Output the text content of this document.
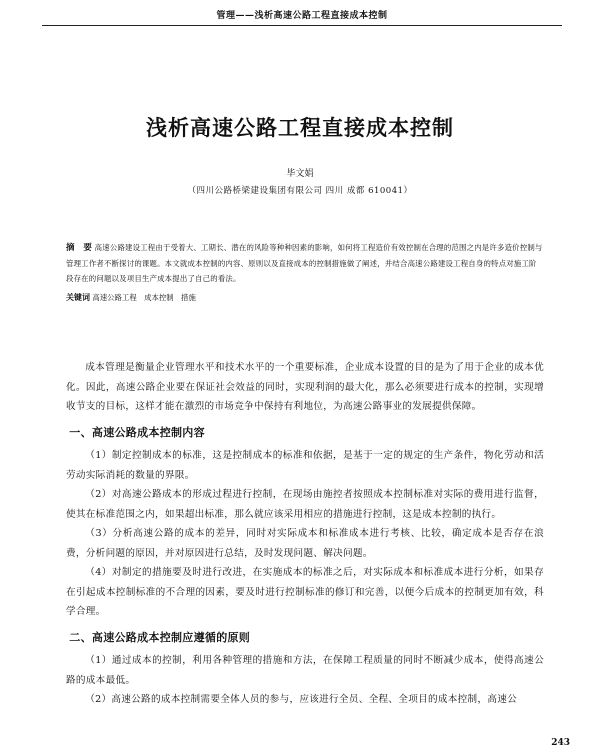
管理——浅析高速公路工程直接成本控制
浅析高速公路工程直接成本控制
毕文娟
（四川公路桥梁建设集团有限公司 四川 成都 610041）
摘　要 高速公路建设工程由于受着大、工期长、潜在的风险等种种因素的影响，如何将工程造价有效控制在合理的范围之内是许多造价控制与管理工作者不断探讨的课题。本文就成本控制的内容、原则以及直接成本的控制措施做了阐述，并结合高速公路建设工程自身的特点对施工阶段存在的问题以及项目生产成本提出了自己的看法。
关键词 高速公路工程　成本控制　措施

成本管理是衡量企业管理水平和技术水平的一个重要标准，企业成本设置的目的是为了用于企业的成本优化。因此，高速公路企业要在保证社会效益的同时，实现利润的最大化，那么必须要进行成本的控制，实现增收节支的目标，这样才能在激烈的市场竞争中保持有利地位，为高速公路事业的发展提供保障。

一、高速公路成本控制内容

（1）制定控制成本的标准，这是控制成本的标准和依据，是基于一定的规定的生产条件，物化劳动和活劳动实际消耗的数量的界限。

（2）对高速公路成本的形成过程进行控制，在现场由施控者按照成本控制标准对实际的费用进行监督，使其在标准范围之内，如果超出标准，那么就应该采用相应的措施进行控制，这是成本控制的执行。

（3）分析高速公路的成本的差异，同时对实际成本和标准成本进行考核、比较，确定成本是否存在浪费，分析问题的原因，并对原因进行总结，及时发现问题、解决问题。

（4）对制定的措施要及时进行改进，在实施成本的标准之后，对实际成本和标准成本进行分析，如果存在引起成本控制标准的不合理的因素，要及时进行控制标准的修订和完善，以便今后成本的控制更加有效，科学合理。

二、高速公路成本控制应遵循的原则

（1）通过成本的控制，利用各种管理的措施和方法，在保障工程质量的同时不断减少成本，使得高速公路的成本最低。

（2）高速公路的成本控制需要全体人员的参与，应该进行全员、全程、全项目的成本控制，高速公

243
